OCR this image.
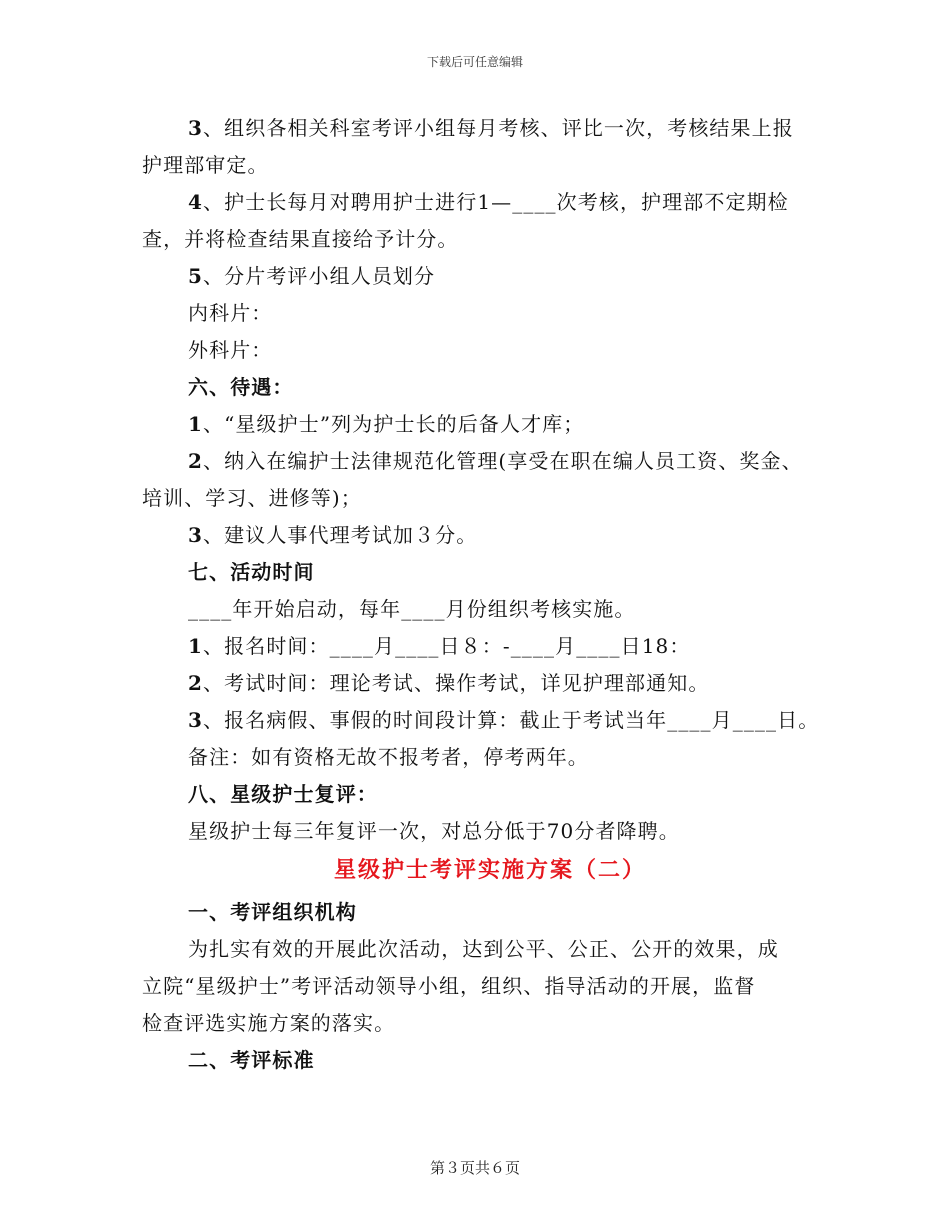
下载后可任意编辑
3、组织各相关科室考评小组每月考核、评比一次，考核结果上报
护理部审定。
4、护士长每月对聘用护士进行1—____次考核，护理部不定期检
查，并将检查结果直接给予计分。
5、分片考评小组人员划分
内科片：
外科片：
六、待遇：
1、“星级护士”列为护士长的后备人才库；
2、纳入在编护士法律规范化管理(享受在职在编人员工资、奖金、
培训、学习、进修等)；
3、建议人事代理考试加３分。
七、活动时间
____年开始启动，每年____月份组织考核实施。
1、报名时间：____月____日８：-____月____日18：
2、考试时间：理论考试、操作考试，详见护理部通知。
3、报名病假、事假的时间段计算：截止于考试当年____月____日。
备注：如有资格无故不报考者，停考两年。
八、星级护士复评：
星级护士每三年复评一次，对总分低于70分者降聘。
星级护士考评实施方案（二）
一、考评组织机构
为扎实有效的开展此次活动，达到公平、公正、公开的效果，成
立院“星级护士”考评活动领导小组，组织、指导活动的开展，监督
检查评选实施方案的落实。
二、考评标准
第３页共６页
